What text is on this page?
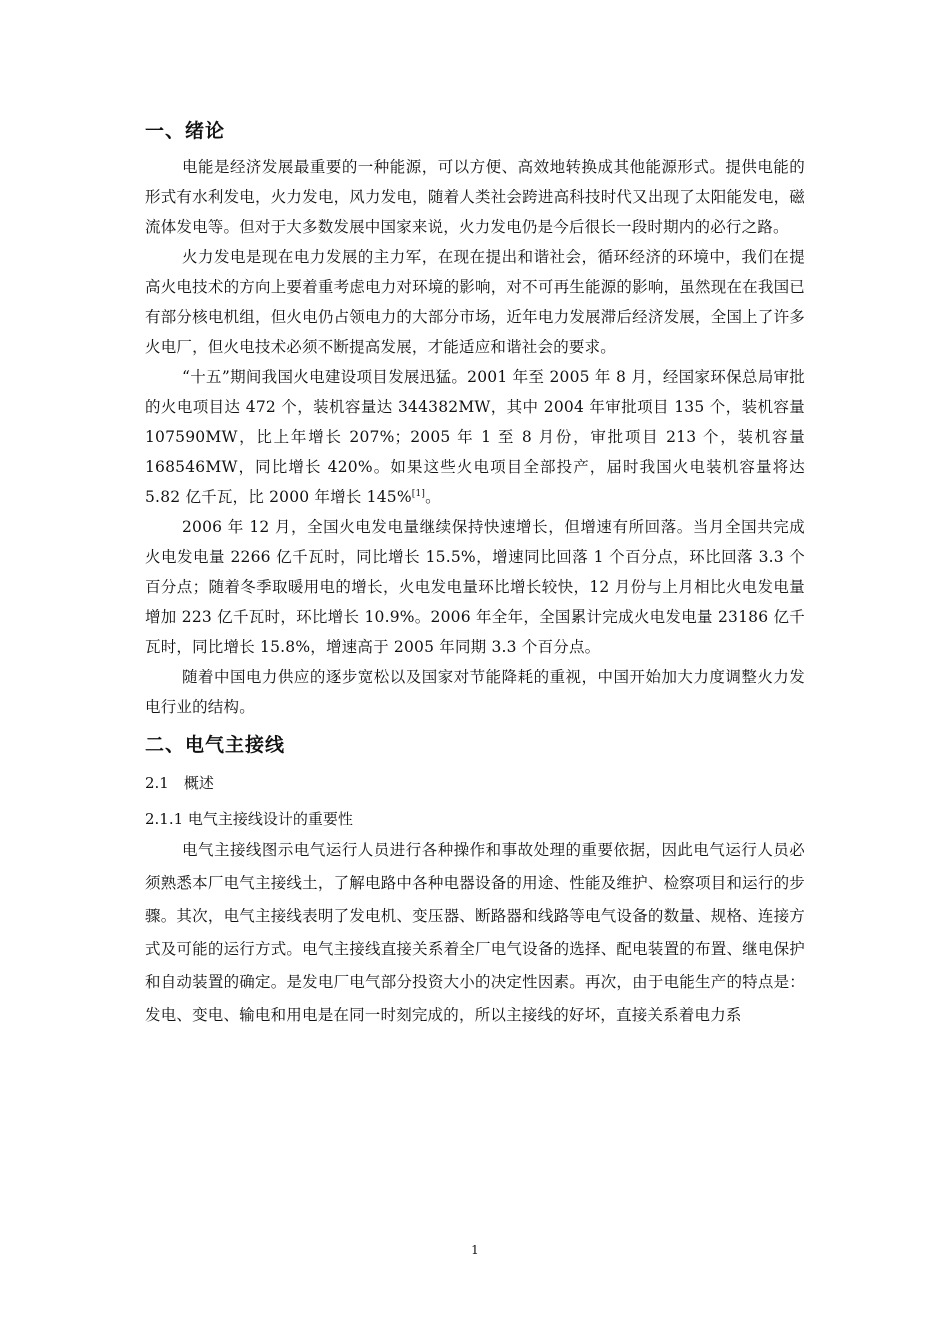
一、绪论

电能是经济发展最重要的一种能源，可以方便、高效地转换成其他能源形式。提供电能的形式有水利发电，火力发电，风力发电，随着人类社会跨进高科技时代又出现了太阳能发电，磁流体发电等。但对于大多数发展中国家来说，火力发电仍是今后很长一段时期内的必行之路。

火力发电是现在电力发展的主力军，在现在提出和谐社会，循环经济的环境中，我们在提高火电技术的方向上要着重考虑电力对环境的影响，对不可再生能源的影响，虽然现在在我国已有部分核电机组，但火电仍占领电力的大部分市场，近年电力发展滞后经济发展，全国上了许多火电厂，但火电技术必须不断提高发展，才能适应和谐社会的要求。

“十五”期间我国火电建设项目发展迅猛。2001 年至 2005 年 8 月，经国家环保总局审批的火电项目达 472 个，装机容量达 344382MW，其中 2004 年审批项目 135 个，装机容量 107590MW，比上年增长 207%；2005 年 1 至 8 月份，审批项目 213 个，装机容量 168546MW，同比增长 420%。如果这些火电项目全部投产，届时我国火电装机容量将达 5.82 亿千瓦，比 2000 年增长 145%[1]。

2006 年 12 月，全国火电发电量继续保持快速增长，但增速有所回落。当月全国共完成火电发电量 2266 亿千瓦时，同比增长 15.5%，增速同比回落 1 个百分点，环比回落 3.3 个百分点；随着冬季取暖用电的增长，火电发电量环比增长较快，12 月份与上月相比火电发电量增加 223 亿千瓦时，环比增长 10.9%。2006 年全年，全国累计完成火电发电量 23186 亿千瓦时，同比增长 15.8%，增速高于 2005 年同期 3.3 个百分点。

随着中国电力供应的逐步宽松以及国家对节能降耗的重视，中国开始加大力度调整火力发电行业的结构。

二、电气主接线
2.1　概述
2.1.1 电气主接线设计的重要性

电气主接线图示电气运行人员进行各种操作和事故处理的重要依据，因此电气运行人员必须熟悉本厂电气主接线土，了解电路中各种电器设备的用途、性能及维护、检察项目和运行的步骤。其次，电气主接线表明了发电机、变压器、断路器和线路等电气设备的数量、规格、连接方式及可能的运行方式。电气主接线直接关系着全厂电气设备的选择、配电装置的布置、继电保护和自动装置的确定。是发电厂电气部分投资大小的决定性因素。再次，由于电能生产的特点是：发电、变电、输电和用电是在同一时刻完成的，所以主接线的好坏，直接关系着电力系

1
